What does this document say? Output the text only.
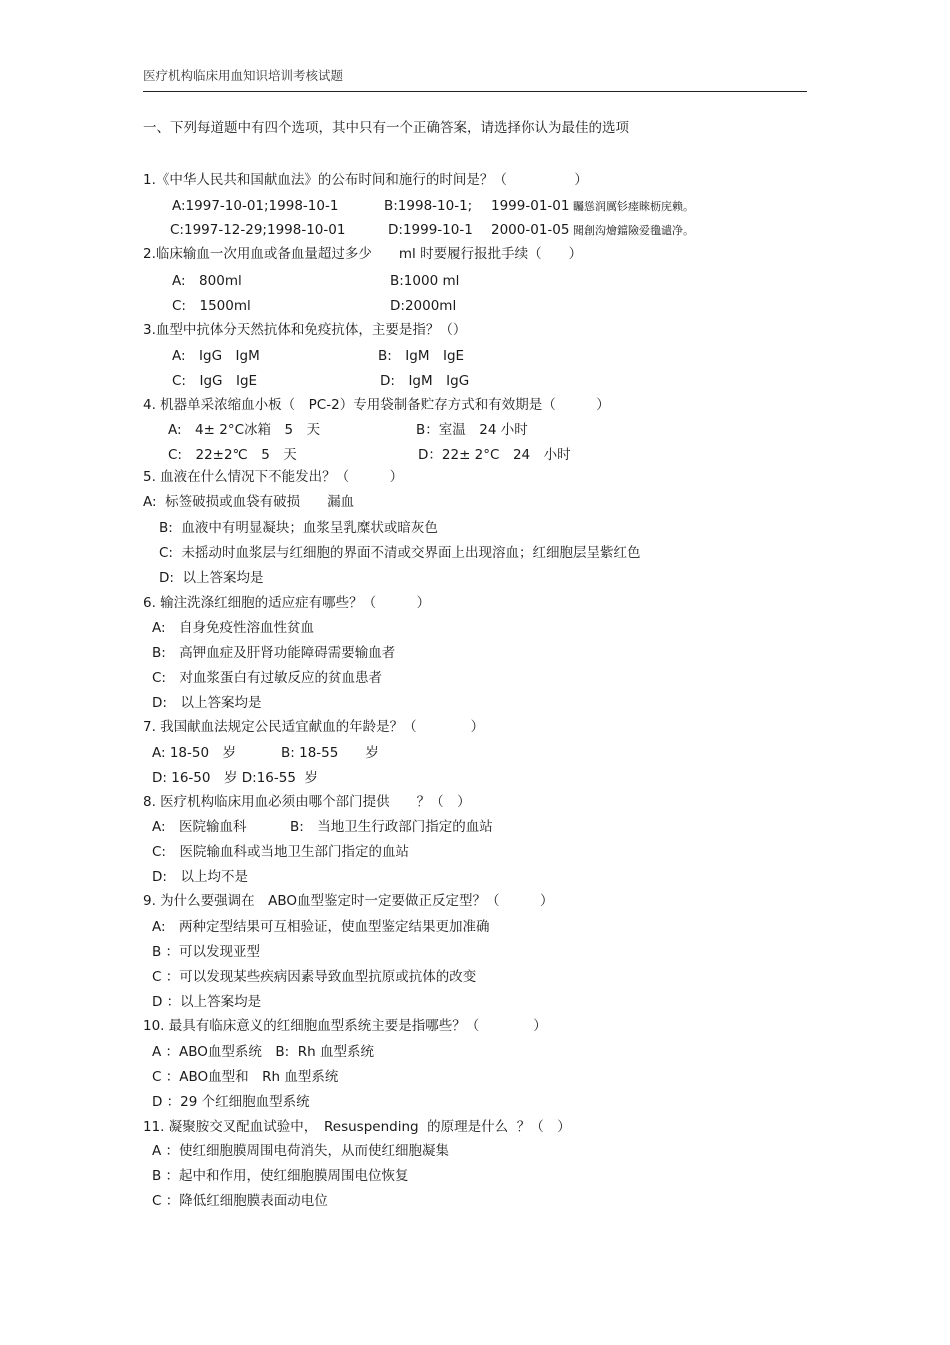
医疗机构临床用血知识培训考核试题
一、下列每道题中有四个选项，其中只有一个正确答案，请选择你认为最佳的选项
1.《中华人民共和国献血法》的公布时间和施行的时间是？（　　　　　）
A:1997-10-01;1998-10-1	B:1998-10-1; 1999-01-01 矚慫润厲钐瘗睞枥庑赖。
C:1997-12-29;1998-10-01	D:1999-10-1 2000-01-05 聞創沟燴鐺險爱氇谴净。
2.临床输血一次用血或备血量超过多少　　ml 时要履行报批手续（　　）
A:　800ml	B:1000 ml
C:　1500ml	D:2000ml
3.血型中抗体分天然抗体和免疫抗体，主要是指？（）
A:　IgG　IgM	B:　IgM　IgE
C:　IgG　IgE	D:　IgM　IgG
4. 机器单采浓缩血小板（　PC-2）专用袋制备贮存方式和有效期是（　　　）
A:　4± 2°C冰箱　5　天	B：室温　24 小时
C:　22±2℃　5　天	D：22± 2°C　24　小时
5. 血液在什么情况下不能发出？（　　　）
A:  标签破损或血袋有破损　　漏血
B:  血液中有明显凝块；血浆呈乳糜状或暗灰色
C:  未摇动时血浆层与红细胞的界面不清或交界面上出现溶血；红细胞层呈紫红色
D:  以上答案均是
6. 输注洗涤红细胞的适应症有哪些？（　　　）
A:　自身免疫性溶血性贫血
B:　高钾血症及肝肾功能障碍需要输血者
C:　对血浆蛋白有过敏反应的贫血患者
D:　以上答案均是
7. 我国献血法规定公民适宜献血的年龄是？（　　　　）
A: 18-50　岁	B: 18-55　　岁
D: 16-50　岁 D:16-55  岁
8. 医疗机构临床用血必须由哪个部门提供　　？（　）
A:　医院输血科	B:　当地卫生行政部门指定的血站
C:　医院输血科或当地卫生部门指定的血站
D:　以上均不是
9. 为什么要强调在　ABO血型鉴定时一定要做正反定型？（　　　）
A:　两种定型结果可互相验证，使血型鉴定结果更加准确
B ：可以发现亚型
C ：可以发现某些疾病因素导致血型抗原或抗体的改变
D ：以上答案均是
10. 最具有临床意义的红细胞血型系统主要是指哪些？（　　　　）
A ：ABO血型系统　B:  Rh 血型系统
C ：ABO血型和　Rh 血型系统
D ：29 个红细胞血型系统
11. 凝聚胺交叉配血试验中，　Resuspending  的原理是什么  ？（　）
A ：使红细胞膜周围电荷消失，从而使红细胞凝集
B ：起中和作用，使红细胞膜周围电位恢复
C ：降低红细胞膜表面动电位
